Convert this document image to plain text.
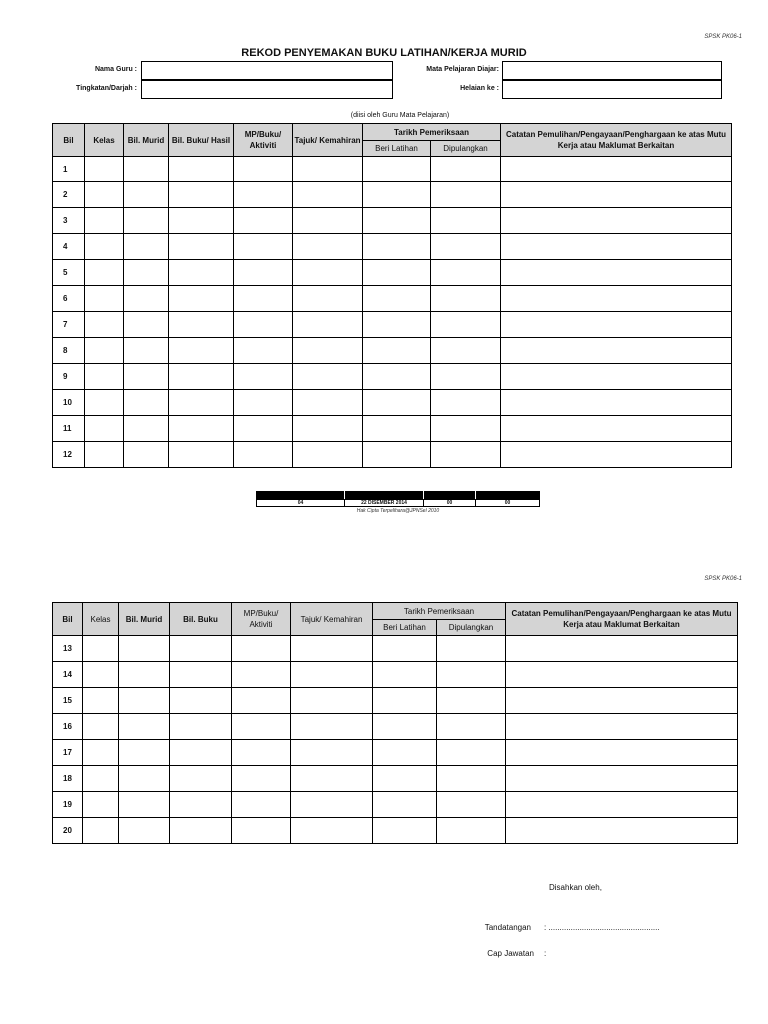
SPSK PK06-1
REKOD PENYEMAKAN BUKU LATIHAN/KERJA MURID
Nama Guru :	Mata Pelajaran Diajar:
Tingkatan/Darjah :	Helaian ke :
(diisi oleh Guru Mata Pelajaran)
Bil	Kelas	Bil. Murid	Bil. Buku/ Hasil	MP/Buku/ Aktiviti	Tajuk/ Kemahiran	Tarikh Pemeriksaan		Catatan Pemulihan/Pengayaan/Penghargaan ke atas Mutu Kerja atau Maklumat Berkaitan
						Beri Latihan	Dipulangkan	
1								
2								
3								
4								
5								
6								
7								
8								
9								
10								
11								
12								
04	22 DISEMBER 2014	00	00
Hak Cipta Terpelihara@JPNSel 2010
SPSK PK06-1
Bil	Kelas	Bil. Murid	Bil. Buku	MP/Buku/ Aktiviti	Tajuk/ Kemahiran	Tarikh Pemeriksaan		Catatan Pemulihan/Pengayaan/Penghargaan ke atas Mutu Kerja atau Maklumat Berkaitan
						Beri Latihan	Dipulangkan	
13								
14								
15								
16								
17								
18								
19								
20								
Disahkan oleh,
Tandatangan : ..................................................
Cap Jawatan :
